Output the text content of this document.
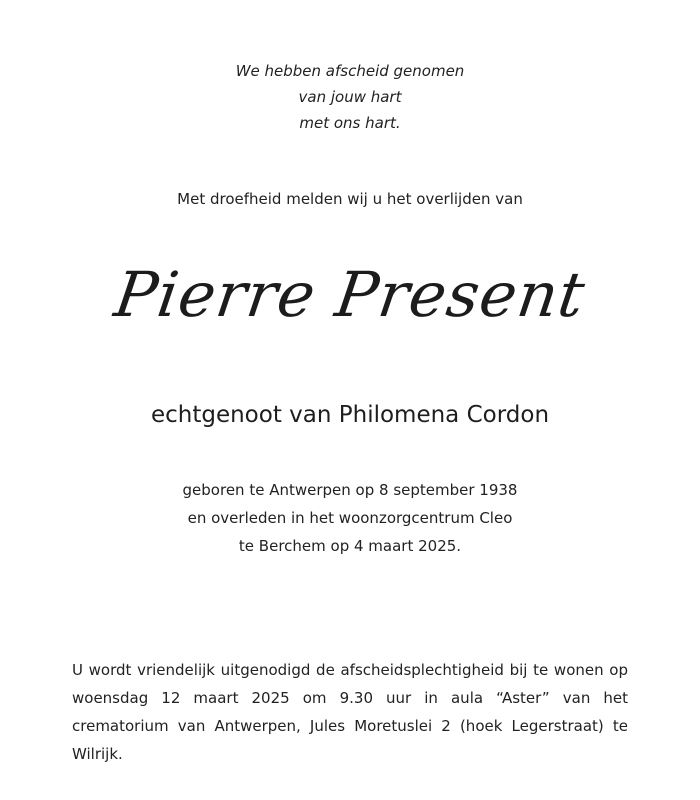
We hebben afscheid genomen
van jouw hart
met ons hart.
Met droefheid melden wij u het overlijden van
Pierre Present
echtgenoot van Philomena Cordon
geboren te Antwerpen op 8 september 1938
en overleden in het woonzorgcentrum Cleo
te Berchem op 4 maart 2025.
U wordt vriendelijk uitgenodigd de afscheidsplechtigheid bij te wonen op woensdag 12 maart 2025 om 9.30 uur in aula “Aster” van het crematorium van Antwerpen, Jules Moretuslei 2 (hoek Legerstraat) te Wilrijk.
